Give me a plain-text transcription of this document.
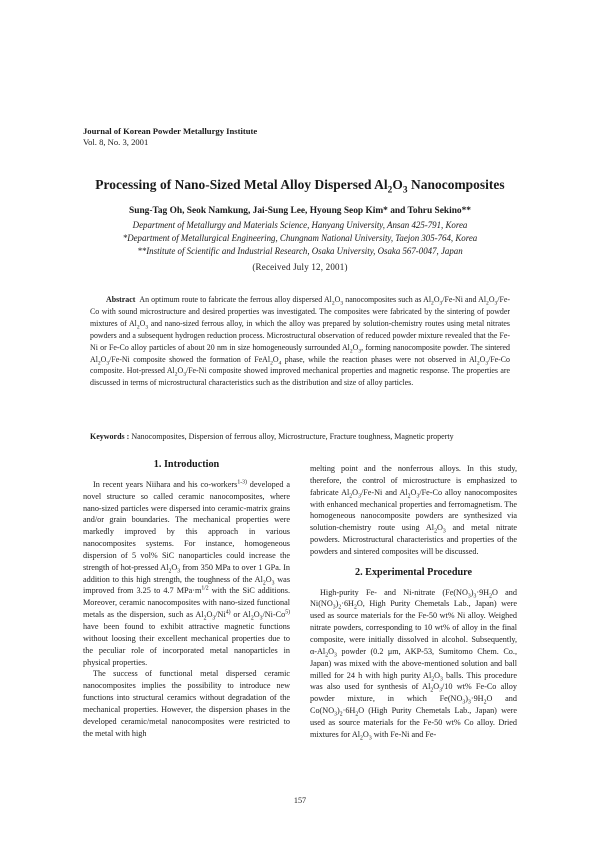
Journal of Korean Powder Metallurgy Institute
Vol. 8, No. 3, 2001
Processing of Nano-Sized Metal Alloy Dispersed $Al_2O_3$ Nanocomposites
Sung-Tag Oh, Seok Namkung, Jai-Sung Lee, Hyoung Seop Kim* and Tohru Sekino**
Department of Metallurgy and Materials Science, Hanyang University, Ansan 425-791, Korea
*Department of Metallurgical Engineering, Chungnam National University, Taejon 305-764, Korea
**Institute of Scientific and Industrial Research, Osaka University, Osaka 567-0047, Japan
(Received July 12, 2001)
Abstract An optimum route to fabricate the ferrous alloy dispersed $Al_2O_3$ nanocomposites such as $Al_2O_3/Fe-Ni$ and $Al_2O_3/Fe-Co$ with sound microstructure and desired properties was investigated. The composites were fabricated by the sintering of powder mixtures of $Al_2O_3$ and nano-sized ferrous alloy, in which the alloy was prepared by solution-chemistry routes using metal nitrates powders and a subsequent hydrogen reduction process. Microstructural observation of reduced powder mixture revealed that the Fe-Ni or Fe-Co alloy particles of about 20 nm in size homogeneously surrounded $Al_2O_3$, forming nanocomposite powder. The sintered $Al_2O_3/Fe-Ni$ composite showed the formation of $FeAl_2O_4$ phase, while the reaction phases were not observed in $Al_2O_3/Fe-Co$ composite. Hot-pressed $Al_2O_3/Fe-Ni$ composite showed improved mechanical properties and magnetic response. The properties are discussed in terms of microstructural characteristics such as the distribution and size of alloy particles.
Keywords : Nanocomposites, Dispersion of ferrous alloy, Microstructure, Fracture toughness, Magnetic property
1. Introduction

In recent years Niihara and his co-workers$^{1-3)}$ developed a novel structure so called ceramic nanocomposites, where nano-sized particles were dispersed into ceramic-matrix grains and/or grain boundaries. The mechanical properties were markedly improved by this approach in various nanocomposites systems. For instance, homogeneous dispersion of 5 vol% SiC nanoparticles could increase the strength of hot-pressed $Al_2O_3$ from 350 MPa to over 1 GPa. In addition to this high strength, the toughness of the $Al_2O_3$ was improved from 3.25 to 4.7 $MPa\cdot m^{1/2}$ with the SiC additions. Moreover, ceramic nanocomposites with nano-sized functional metals as the dispersion, such as $Al_2O_3/Ni^{4)}$ or $Al_2O_3/Ni-Co^{5)}$ have been found to exhibit attractive magnetic functions without loosing their excellent mechanical properties due to the peculiar role of incorporated metal nanoparticles in physical properties.

The success of functional metal dispersed ceramic nanocomposites implies the possibility to introduce new functions into structural ceramics without degradation of the mechanical properties. However, the dispersion phases in the developed ceramic/metal nanocomposites were restricted to the metal with high

melting point and the nonferrous alloys. In this study, therefore, the control of microstructure is emphasized to fabricate $Al_2O_3/Fe-Ni$ and $Al_2O_3/Fe-Co$ alloy nanocomposites with enhanced mechanical properties and ferromagnetism. The homogeneous nanocomposite powders are synthesized via solution-chemistry route using $Al_2O_3$ and metal nitrate powders. Microstructural characteristics and properties of the powders and sintered composites will be discussed.

2. Experimental Procedure

High-purity Fe- and Ni-nitrate ($Fe(NO_3)_3\cdot 9H_2O$ and $Ni(NO_3)_2\cdot 6H_2O$, High Purity Chemetals Lab., Japan) were used as source materials for the Fe-50 wt% Ni alloy. Weighed nitrate powders, corresponding to 10 wt% of alloy in the final composite, were initially dissolved in alcohol. Subsequently, $\alpha-Al_2O_3$ powder (0.2 μm, AKP-53, Sumitomo Chem. Co., Japan) was mixed with the above-mentioned solution and ball milled for 24 h with high purity $Al_2O_3$ balls. This procedure was also used for synthesis of $Al_2O_3/10$ wt% Fe-Co alloy powder mixture, in which $Fe(NO_3)_3\cdot 9H_2O$ and $Co(NO_3)_2\cdot 6H_2O$ (High Purity Chemetals Lab., Japan) were used as source materials for the Fe-50 wt% Co alloy. Dried mixtures for $Al_2O_3$ with Fe-Ni and Fe-

157
